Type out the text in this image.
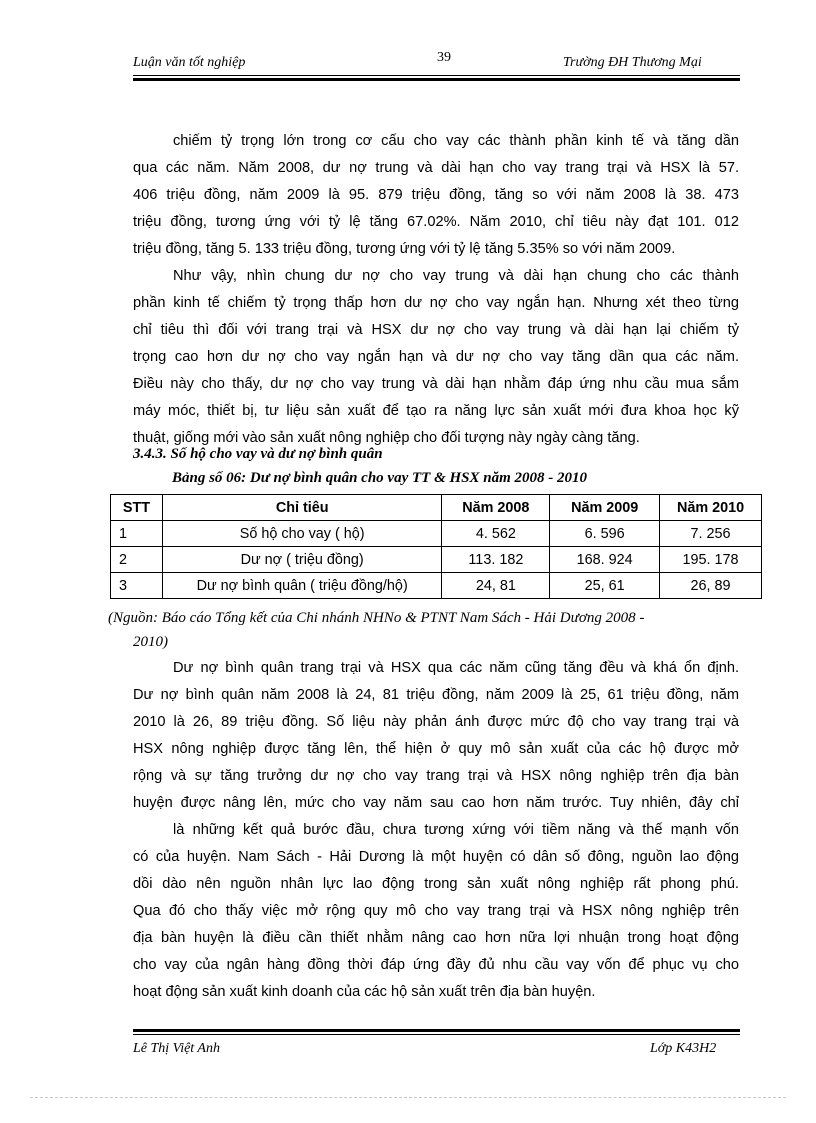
Luận văn tốt nghiệp	39	Trường ĐH Thương Mại

chiếm tỷ trọng lớn trong cơ cấu cho vay các thành phần kinh tế và tăng dần

qua các năm. Năm 2008, dư nợ trung và dài hạn cho vay trang trại và HSX là 57.

406 triệu đồng, năm 2009 là 95. 879 triệu đồng, tăng so với năm 2008 là 38. 473

triệu đồng, tương ứng với tỷ lệ tăng 67.02%. Năm 2010, chỉ tiêu này đạt 101. 012

triệu đồng, tăng 5. 133 triệu đồng, tương ứng với tỷ lệ tăng 5.35% so với năm 2009.

Như vậy, nhìn chung dư nợ cho vay trung và dài hạn chung cho các thành

phần kinh tế chiếm tỷ trọng thấp hơn dư nợ cho vay ngắn hạn. Nhưng xét theo từng

chỉ tiêu thì đối với trang trại và HSX dư nợ cho vay trung và dài hạn lại chiếm tỷ

trọng cao hơn dư nợ cho vay ngắn hạn và dư nợ cho vay tăng dần qua các năm.

Điều này cho thấy, dư nợ cho vay trung và dài hạn nhằm đáp ứng nhu cầu mua sắm

máy móc, thiết bị, tư liệu sản xuất để tạo ra năng lực sản xuất mới đưa khoa học kỹ

thuật, giống mới vào sản xuất nông nghiệp cho đối tượng này ngày càng tăng.

3.4.3. Số hộ cho vay và dư nợ bình quân
Bảng số 06: Dư nợ bình quân cho vay TT & HSX năm 2008 - 2010
STT	Chỉ tiêu	Năm 2008	Năm 2009	Năm 2010
1	Số hộ cho vay ( hộ)	4. 562	6. 596	7. 256
2	Dư nợ ( triệu đồng)	113. 182	168. 924	195. 178
3	Dư nợ bình quân ( triệu đồng/hộ)	24, 81	25, 61	26, 89
(Nguồn: Báo cáo Tổng kết của Chi nhánh NHNo & PTNT Nam Sách - Hải Dương 2008 -
2010)

Dư nợ bình quân trang trại và HSX qua các năm cũng tăng đều và khá ổn định.

Dư nợ bình quân năm 2008 là 24, 81 triệu đồng, năm 2009 là 25, 61 triệu đồng, năm

2010 là 26, 89 triệu đồng. Số liệu này phản ánh được mức độ cho vay trang trại và

HSX nông nghiệp được tăng lên, thể hiện ở quy mô sản xuất của các hộ được mở

rộng và sự tăng trưởng dư nợ cho vay trang trại và HSX nông nghiệp trên địa bàn

huyện được nâng lên, mức cho vay năm sau cao hơn năm trước. Tuy nhiên, đây chỉ

là những kết quả bước đầu, chưa tương xứng với tiềm năng và thế mạnh vốn

có của huyện. Nam Sách - Hải Dương là một huyện có dân số đông, nguồn lao động

dồi dào nên nguồn nhân lực lao động trong sản xuất nông nghiệp rất phong phú.

Qua đó cho thấy việc mở rộng quy mô cho vay trang trại và HSX nông nghiệp trên

địa bàn huyện là điều cần thiết nhằm nâng cao hơn nữa lợi nhuận trong hoạt động

cho vay của ngân hàng đồng thời đáp ứng đầy đủ nhu cầu vay vốn để phục vụ cho

hoạt động sản xuất kinh doanh của các hộ sản xuất trên địa bàn huyện.

Lê Thị Việt Anh	Lớp K43H2
